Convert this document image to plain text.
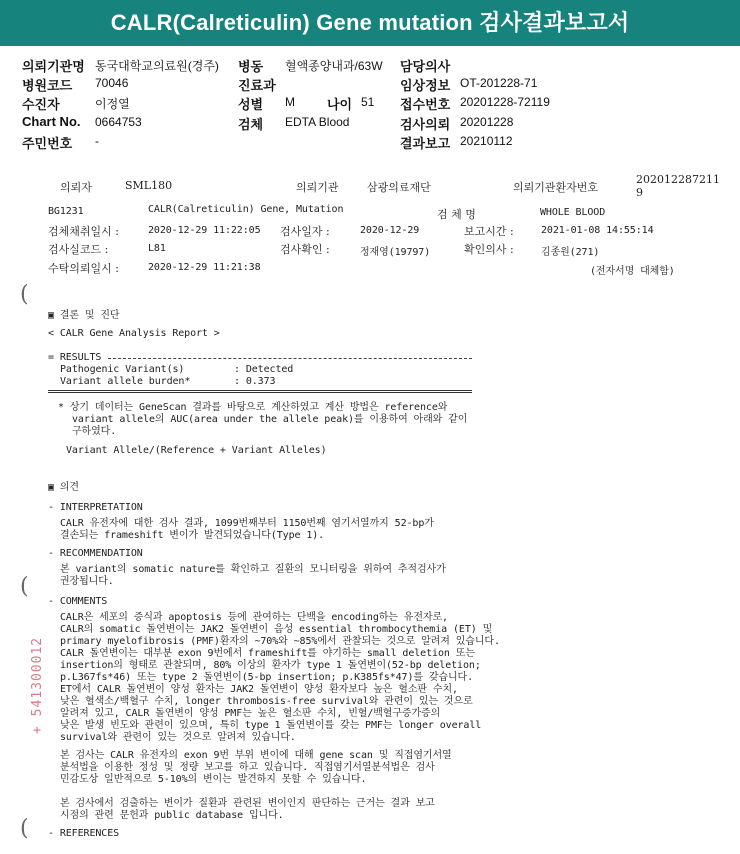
CALR(Calreticulin) Gene mutation 검사결과보고서
의뢰기관명 동국대학교의료원(경주) 병동 혈액종양내과/63W 담당의사
병원코드 70046	진료과	임상정보 OT-201228-71
수진자	이정열	성별 M 나이 51 접수번호 20201228-72119
Chart No. 0664753	검체 EDTA Blood	검사의뢰 20201228
주민번호 -	결과보고 20210112
의뢰자	SML180	의뢰기관	삼광의료재단	의뢰기관환자번호
202012287211
9
BG1231	CALR(Calreticulin) Gene, Mutation	검 체 명	WHOLE BLOOD
검체채취일시 :	2020-12-29 11:22:05 검사일자 :	2020-12-29	보고시간 :	2021-01-08 14:55:14
검사실코드 :	L81	검사확인 :	정재영(19797)	확인의사 :	김종원(271)
수탁의뢰일시 :	2020-12-29 11:21:38	(전자서명 대체함)
(
▣ 결론 및 진단
< CALR Gene Analysis Report >
= RESULTS
Pathogenic Variant(s)	: Detected
Variant allele burden*	: 0.373
* 상기 데이터는 GeneScan 결과를 바탕으로 계산하였고 계산 방법은 reference와
variant allele의 AUC(area under the allele peak)를 이용하여 아래와 같이
구하였다.
Variant Allele/(Reference + Variant Alleles)
▣ 의견
- INTERPRETATION
CALR 유전자에 대한 검사 결과, 1099번째부터 1150번째 염기서열까지 52-bp가
결손되는 frameshift 변이가 발견되었습니다(Type 1).
- RECOMMENDATION
본 variant의 somatic nature를 확인하고 질환의 모니터링을 위하여 추적검사가
권장됩니다.
(
- COMMENTS
CALR은 세포의 증식과 apoptosis 등에 관여하는 단백을 encoding하는 유전자로,
CALR의 somatic 돌연변이는 JAK2 돌연변이 음성 essential thrombocythemia (ET) 및
primary myelofibrosis (PMF)환자의 ~70%와 ~85%에서 관찰되는 것으로 알려져 있습니다.
CALR 돌연변이는 대부분 exon 9번에서 frameshift를 야기하는 small deletion 또는
insertion의 형태로 관찰되며, 80% 이상의 환자가 type 1 돌연변이(52-bp deletion;
p.L367fs*46) 또는 type 2 돌연변이(5-bp insertion; p.K385fs*47)를 갖습니다.
ET에서 CALR 돌연변이 양성 환자는 JAK2 돌연변이 양성 환자보다 높은 혈소판 수치,
낮은 혈색소/백혈구 수치, longer thrombosis-free survival와 관련이 있는 것으로
알려져 있고, CALR 돌연변이 양성 PMF는 높은 혈소판 수치, 빈혈/백혈구증가증의
낮은 발생 빈도와 관련이 있으며, 특히 type 1 돌연변이를 갖는 PMF는 longer overall
survival와 관련이 있는 것으로 알려져 있습니다.
본 검사는 CALR 유전자의 exon 9번 부위 변이에 대해 gene scan 및 직접염기서열
분석법을 이용한 정성 및 정량 보고를 하고 있습니다. 직접염기서열분석법은 검사
민감도상 일반적으로 5-10%의 변이는 발견하지 못할 수 있습니다.
본 검사에서 검출하는 변이가 질환과 관련된 변이인지 판단하는 근거는 결과 보고
시점의 관련 문헌과 public database 입니다.
- REFERENCES
(
+ 541300012
